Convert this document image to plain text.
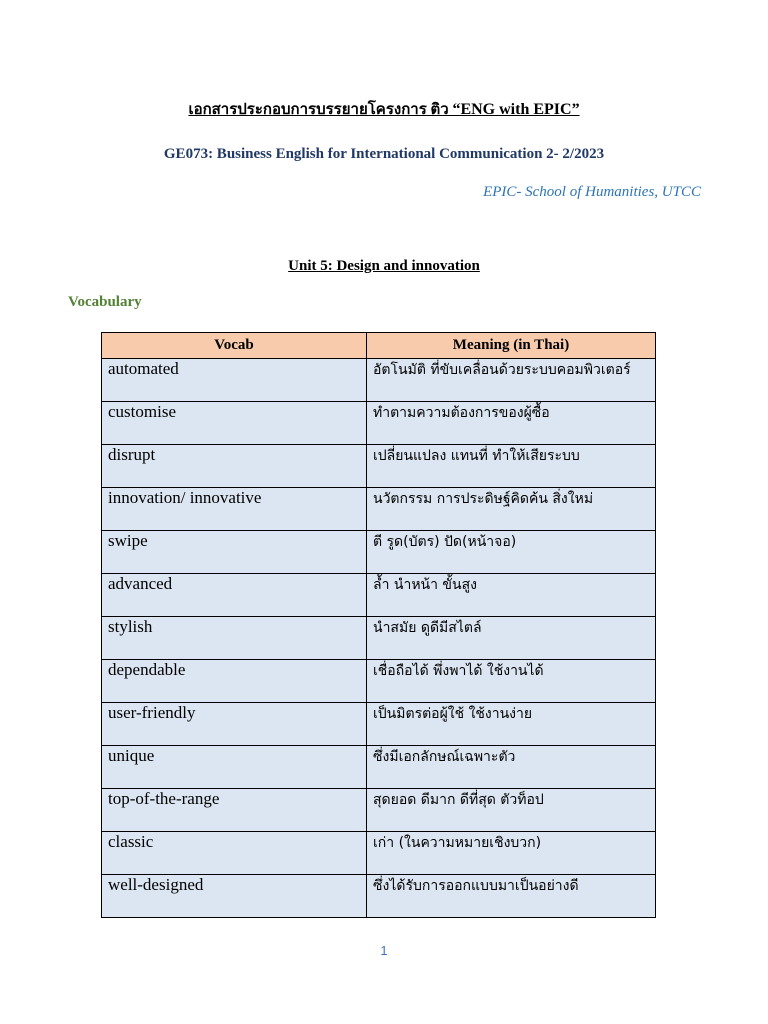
เอกสารประกอบการบรรยายโครงการ ติว “ENG with EPIC”
GE073: Business English for International Communication 2- 2/2023
EPIC- School of Humanities, UTCC
Unit 5: Design and innovation
Vocabulary
Vocab	Meaning (in Thai)
automated	อัตโนมัติ ที่ขับเคลื่อนด้วยระบบคอมพิวเตอร์
customise	ทำตามความต้องการของผู้ซื้อ
disrupt	เปลี่ยนแปลง แทนที่ ทำให้เสียระบบ
innovation/ innovative	นวัตกรรม การประดิษฐ์คิดค้น สิ่งใหม่
swipe	ตี รูด(บัตร) ปัด(หน้าจอ)
advanced	ล้ำ นำหน้า ขั้นสูง
stylish	นำสมัย ดูดีมีสไตล์
dependable	เชื่อถือได้ พึ่งพาได้ ใช้งานได้
user-friendly	เป็นมิตรต่อผู้ใช้ ใช้งานง่าย
unique	ซึ่งมีเอกลักษณ์เฉพาะตัว
top-of-the-range	สุดยอด ดีมาก ดีที่สุด ตัวท็อป
classic	เก่า (ในความหมายเชิงบวก)
well-designed	ซึ่งได้รับการออกแบบมาเป็นอย่างดี
1
